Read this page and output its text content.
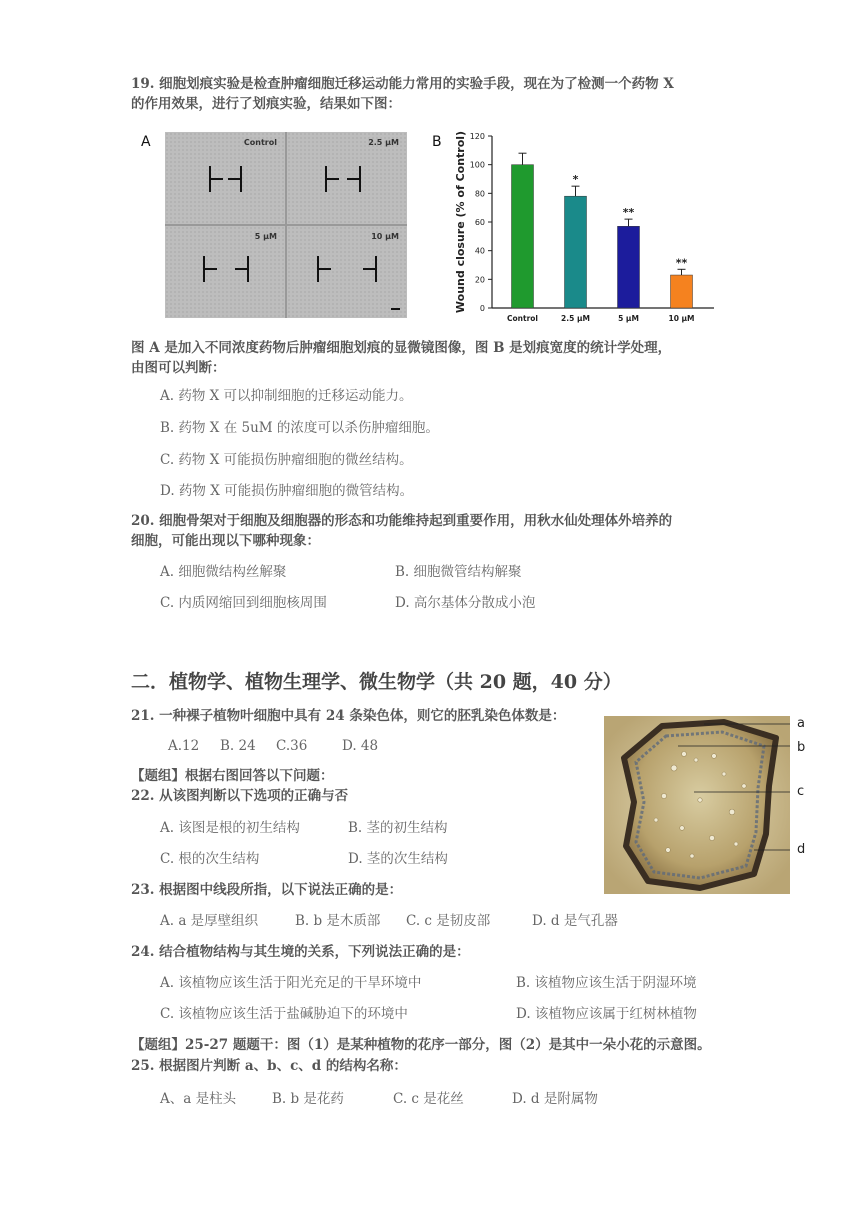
19. 细胞划痕实验是检查肿瘤细胞迁移运动能力常用的实验手段，现在为了检测一个药物 X
的作用效果，进行了划痕实验，结果如下图：
A	Control	2.5 μM
5 μM	10 μM
B
0
20
40
60
80
100
120
Wound closure (% of Control)
Control
*
2.5 μM
**
5 μM
**
10 μM
图 A 是加入不同浓度药物后肿瘤细胞划痕的显微镜图像，图 B 是划痕宽度的统计学处理，
由图可以判断：
A. 药物 X 可以抑制细胞的迁移运动能力。
B. 药物 X 在 5uM 的浓度可以杀伤肿瘤细胞。
C. 药物 X 可能损伤肿瘤细胞的微丝结构。
D. 药物 X 可能损伤肿瘤细胞的微管结构。
20. 细胞骨架对于细胞及细胞器的形态和功能维持起到重要作用，用秋水仙处理体外培养的
细胞，可能出现以下哪种现象：
A. 细胞微结构丝解聚	B. 细胞微管结构解聚
C. 内质网缩回到细胞核周围	D. 高尔基体分散成小泡
二．植物学、植物生理学、微生物学（共 20 题，40 分）
21. 一种裸子植物叶细胞中具有 24 条染色体，则它的胚乳染色体数是：
A.12 B. 24 C.36	D. 48
a
b
c
d
【题组】根据右图回答以下问题：
22. 从该图判断以下选项的正确与否
A. 该图是根的初生结构	B. 茎的初生结构
C. 根的次生结构	D. 茎的次生结构
23. 根据图中线段所指，以下说法正确的是：
A. a 是厚壁组织	B. b 是木质部 C. c 是韧皮部	D. d 是气孔器
24. 结合植物结构与其生境的关系，下列说法正确的是：
A. 该植物应该生活于阳光充足的干旱环境中	B. 该植物应该生活于阴湿环境
C. 该植物应该生活于盐碱胁迫下的环境中	D. 该植物应该属于红树林植物
【题组】25-27 题题干：图（1）是某种植物的花序一部分，图（2）是其中一朵小花的示意图。
25. 根据图片判断 a、b、c、d 的结构名称：
A、a 是柱头	B. b 是花药	C. c 是花丝	D. d 是附属物
